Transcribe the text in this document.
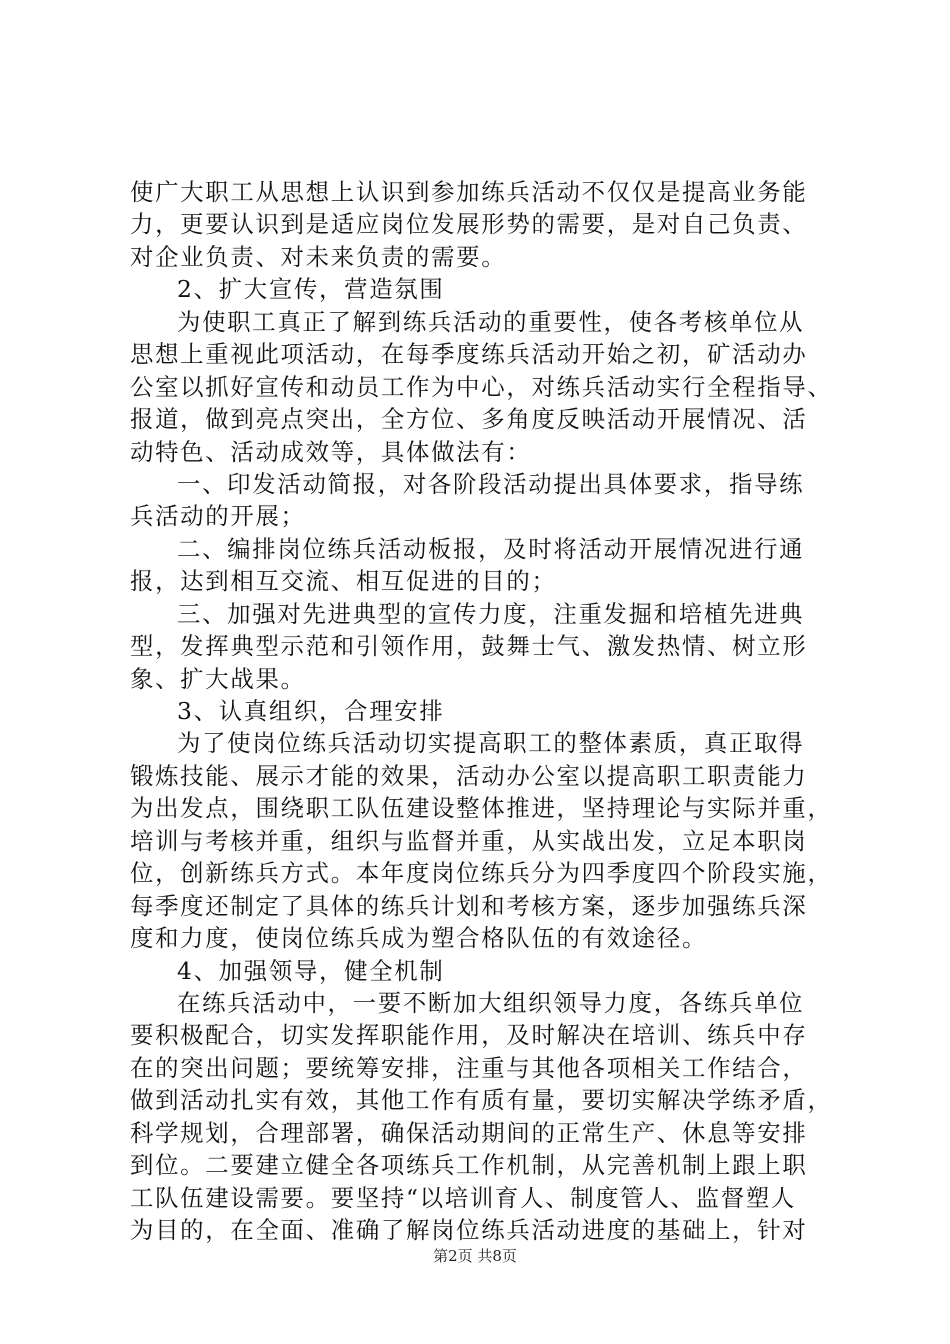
使广大职工从思想上认识到参加练兵活动不仅仅是提高业务能
力，更要认识到是适应岗位发展形势的需要，是对自己负责、
对企业负责、对未来负责的需要。
2、扩大宣传，营造氛围
为使职工真正了解到练兵活动的重要性，使各考核单位从
思想上重视此项活动，在每季度练兵活动开始之初，矿活动办
公室以抓好宣传和动员工作为中心，对练兵活动实行全程指导、
报道，做到亮点突出，全方位、多角度反映活动开展情况、活
动特色、活动成效等，具体做法有：
一、印发活动简报，对各阶段活动提出具体要求，指导练
兵活动的开展；
二、编排岗位练兵活动板报，及时将活动开展情况进行通
报，达到相互交流、相互促进的目的；
三、加强对先进典型的宣传力度，注重发掘和培植先进典
型，发挥典型示范和引领作用，鼓舞士气、激发热情、树立形
象、扩大战果。
3、认真组织，合理安排
为了使岗位练兵活动切实提高职工的整体素质，真正取得
锻炼技能、展示才能的效果，活动办公室以提高职工职责能力
为出发点，围绕职工队伍建设整体推进，坚持理论与实际并重，
培训与考核并重，组织与监督并重，从实战出发，立足本职岗
位，创新练兵方式。本年度岗位练兵分为四季度四个阶段实施，
每季度还制定了具体的练兵计划和考核方案，逐步加强练兵深
度和力度，使岗位练兵成为塑合格队伍的有效途径。
4、加强领导，健全机制
在练兵活动中，一要不断加大组织领导力度，各练兵单位
要积极配合，切实发挥职能作用，及时解决在培训、练兵中存
在的突出问题；要统筹安排，注重与其他各项相关工作结合，
做到活动扎实有效，其他工作有质有量，要切实解决学练矛盾，
科学规划，合理部署，确保活动期间的正常生产、休息等安排
到位。二要建立健全各项练兵工作机制，从完善机制上跟上职
工队伍建设需要。要坚持“以培训育人、制度管人、监督塑人
为目的，在全面、准确了解岗位练兵活动进度的基础上，针对
第2页 共8页
